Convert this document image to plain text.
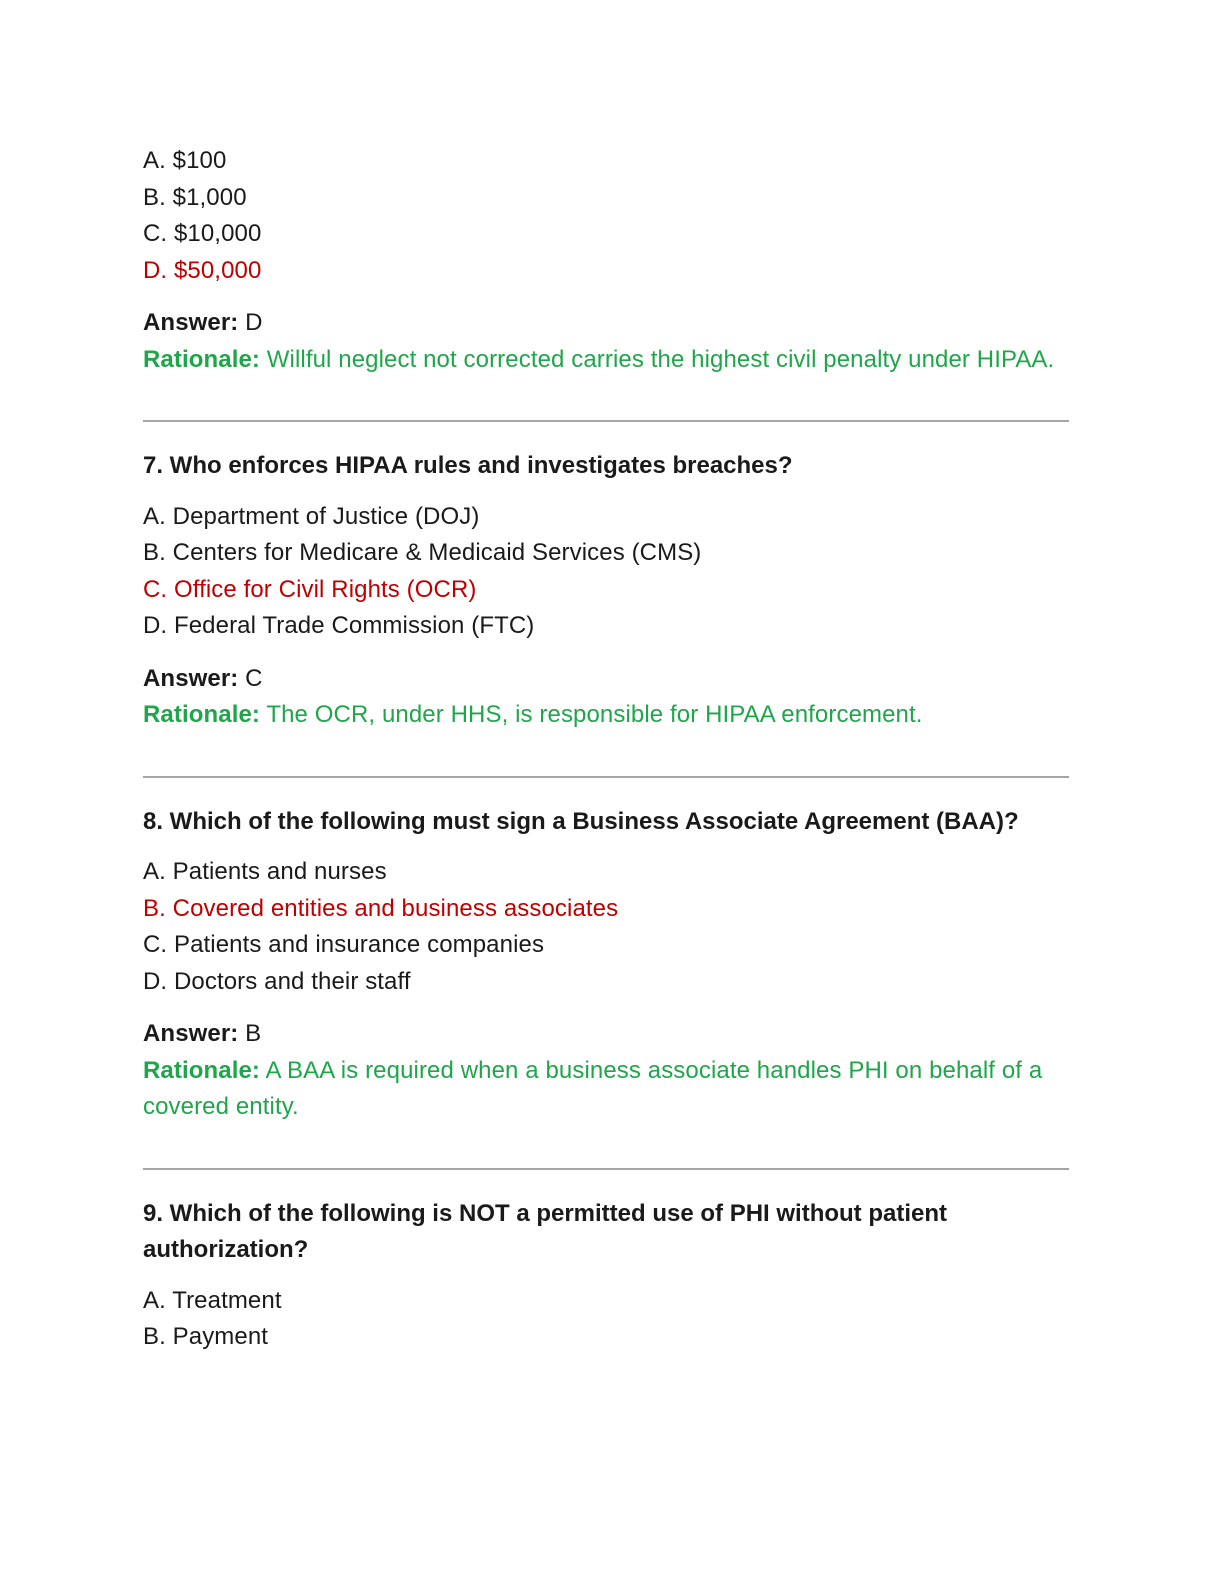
A. $100

B. $1,000

C. $10,000

D. $50,000

Answer: D

Rationale: Willful neglect not corrected carries the highest civil penalty under HIPAA.

7. Who enforces HIPAA rules and investigates breaches?

A. Department of Justice (DOJ)

B. Centers for Medicare & Medicaid Services (CMS)

C. Office for Civil Rights (OCR)

D. Federal Trade Commission (FTC)

Answer: C

Rationale: The OCR, under HHS, is responsible for HIPAA enforcement.

8. Which of the following must sign a Business Associate Agreement (BAA)?

A. Patients and nurses

B. Covered entities and business associates

C. Patients and insurance companies

D. Doctors and their staff

Answer: B

Rationale: A BAA is required when a business associate handles PHI on behalf of a covered entity.

9. Which of the following is NOT a permitted use of PHI without patient authorization?

A. Treatment

B. Payment
